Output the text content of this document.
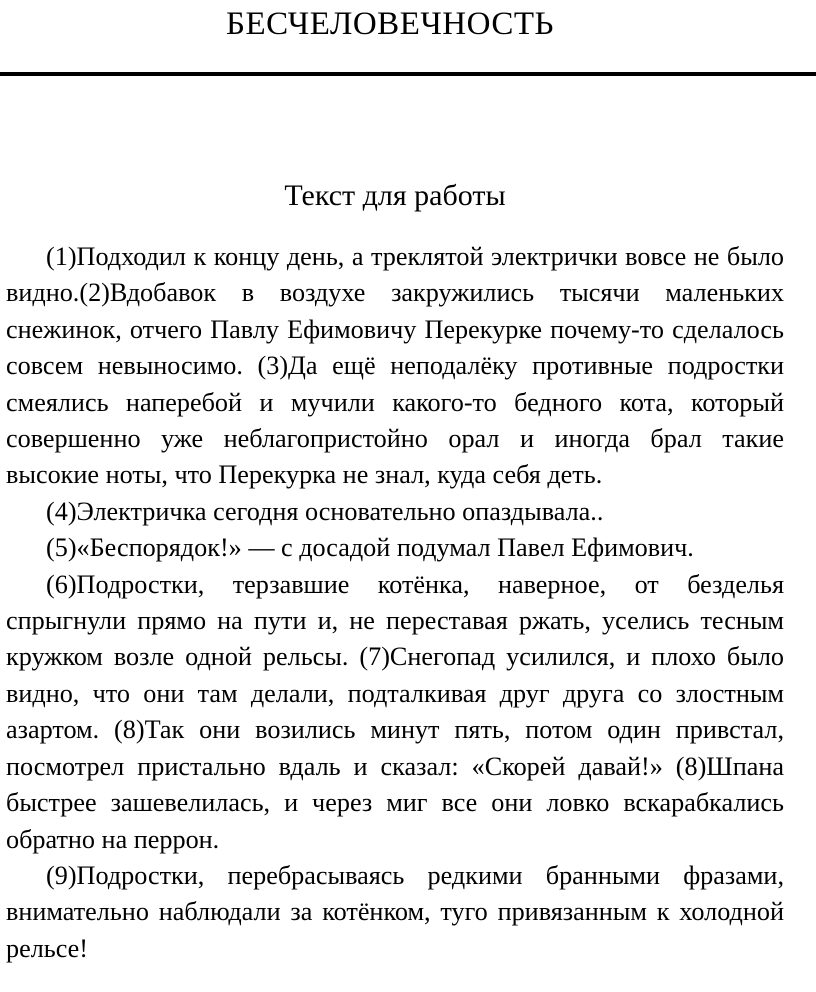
БЕСЧЕЛОВЕЧНОСТЬ
Текст для работы

(1)Подходил к концу день, а треклятой электрички вовсе не было видно.(2)Вдобавок в воздухе закружились тысячи маленьких снежинок, отчего Павлу Ефимовичу Перекурке почему-то сделалось совсем невыносимо. (3)Да ещё неподалёку противные подростки смеялись наперебой и мучили какого-то бедного кота, который совершенно уже неблагопристойно орал и иногда брал такие высокие ноты, что Перекурка не знал, куда себя деть.

(4)Электричка сегодня основательно опаздывала..

(5)«Беспорядок!» — с досадой подумал Павел Ефимович.

(6)Подростки, терзавшие котёнка, наверное, от безделья спрыгнули прямо на пути и, не переставая ржать, уселись тесным кружком возле одной рельсы. (7)Снегопад усилился, и плохо было видно, что они там делали, подталкивая друг друга со злостным азартом. (8)Так они возились минут пять, потом один привстал, посмотрел пристально вдаль и сказал: «Скорей давай!» (8)Шпана быстрее зашевелилась, и через миг все они ловко вскарабкались обратно на перрон.

(9)Подростки, перебрасываясь редкими бранными фразами, внимательно наблюдали за котёнком, туго привязанным к холодной рельсе!
